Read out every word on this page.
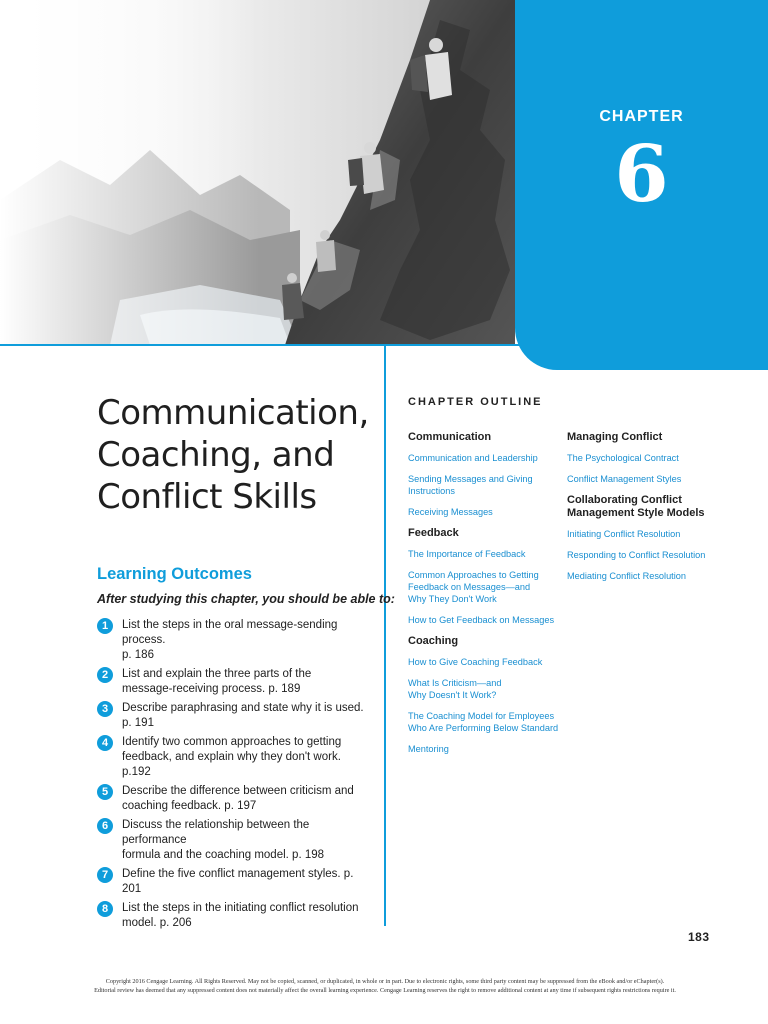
CHAPTER
6
Communication,
Coaching, and
Conflict Skills
Learning Outcomes
After studying this chapter, you should be able to:
1	List the steps in the oral message-sending process.
p. 186
2	List and explain the three parts of the
message-receiving process. p. 189
3	Describe paraphrasing and state why it is used.
p. 191
4	Identify two common approaches to getting
feedback, and explain why they don't work. p.192
5	Describe the difference between criticism and
coaching feedback. p. 197
6	Discuss the relationship between the performance
formula and the coaching model. p. 198
7	Define the five conflict management styles. p. 201
8	List the steps in the initiating conflict resolution
model. p. 206
CHAPTER OUTLINE
Communication
Communication and Leadership
Sending Messages and Giving Instructions
Receiving Messages
Feedback
The Importance of Feedback
Common Approaches to Getting
Feedback on Messages—and
Why They Don't Work
How to Get Feedback on Messages
Coaching
How to Give Coaching Feedback
What Is Criticism—and
Why Doesn't It Work?
The Coaching Model for Employees
Who Are Performing Below Standard
Mentoring
Managing Conflict
The Psychological Contract
Conflict Management Styles
Collaborating Conflict
Management Style Models
Initiating Conflict Resolution
Responding to Conflict Resolution
Mediating Conflict Resolution
183
Copyright 2016 Cengage Learning. All Rights Reserved. May not be copied, scanned, or duplicated, in whole or in part. Due to electronic rights, some third party content may be suppressed from the eBook and/or eChapter(s).
Editorial review has deemed that any suppressed content does not materially affect the overall learning experience. Cengage Learning reserves the right to remove additional content at any time if subsequent rights restrictions require it.
